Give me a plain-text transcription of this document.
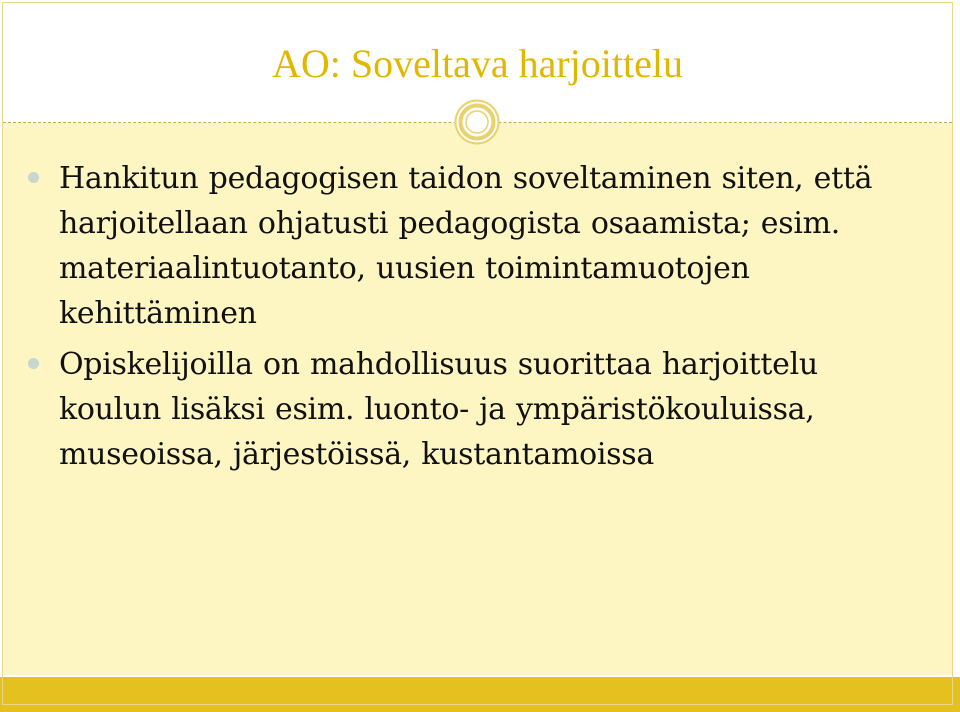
AO: Soveltava harjoittelu
Hankitun pedagogisen taidon soveltaminen siten, että harjoitellaan ohjatusti pedagogista osaamista; esim. materiaalintuotanto, uusien toimintamuotojen kehittäminen
Opiskelijoilla on mahdollisuus suorittaa harjoittelu koulun lisäksi esim. luonto- ja ympäristökouluissa, museoissa, järjestöissä, kustantamoissa
